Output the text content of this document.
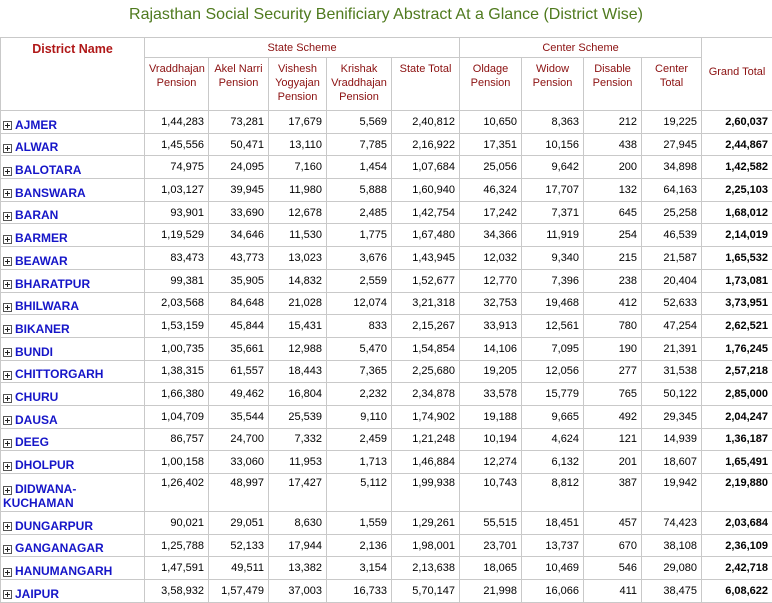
Rajasthan Social Security Benificiary Abstract At a Glance (District Wise)
District Name	State Scheme					Center Scheme				Grand Total
	Vraddhajan Pension	Akel Narri Pension	Vishesh Yogyajan Pension	Krishak Vraddhajan Pension	State Total	Oldage Pension	Widow Pension	Disable Pension	Center Total	
AJMER	1,44,283	73,281	17,679	5,569	2,40,812	10,650	8,363	212	19,225	2,60,037
ALWAR	1,45,556	50,471	13,110	7,785	2,16,922	17,351	10,156	438	27,945	2,44,867
BALOTARA	74,975	24,095	7,160	1,454	1,07,684	25,056	9,642	200	34,898	1,42,582
BANSWARA	1,03,127	39,945	11,980	5,888	1,60,940	46,324	17,707	132	64,163	2,25,103
BARAN	93,901	33,690	12,678	2,485	1,42,754	17,242	7,371	645	25,258	1,68,012
BARMER	1,19,529	34,646	11,530	1,775	1,67,480	34,366	11,919	254	46,539	2,14,019
BEAWAR	83,473	43,773	13,023	3,676	1,43,945	12,032	9,340	215	21,587	1,65,532
BHARATPUR	99,381	35,905	14,832	2,559	1,52,677	12,770	7,396	238	20,404	1,73,081
BHILWARA	2,03,568	84,648	21,028	12,074	3,21,318	32,753	19,468	412	52,633	3,73,951
BIKANER	1,53,159	45,844	15,431	833	2,15,267	33,913	12,561	780	47,254	2,62,521
BUNDI	1,00,735	35,661	12,988	5,470	1,54,854	14,106	7,095	190	21,391	1,76,245
CHITTORGARH	1,38,315	61,557	18,443	7,365	2,25,680	19,205	12,056	277	31,538	2,57,218
CHURU	1,66,380	49,462	16,804	2,232	2,34,878	33,578	15,779	765	50,122	2,85,000
DAUSA	1,04,709	35,544	25,539	9,110	1,74,902	19,188	9,665	492	29,345	2,04,247
DEEG	86,757	24,700	7,332	2,459	1,21,248	10,194	4,624	121	14,939	1,36,187
DHOLPUR	1,00,158	33,060	11,953	1,713	1,46,884	12,274	6,132	201	18,607	1,65,491
DIDWANA-KUCHAMAN	1,26,402	48,997	17,427	5,112	1,99,938	10,743	8,812	387	19,942	2,19,880
DUNGARPUR	90,021	29,051	8,630	1,559	1,29,261	55,515	18,451	457	74,423	2,03,684
GANGANAGAR	1,25,788	52,133	17,944	2,136	1,98,001	23,701	13,737	670	38,108	2,36,109
HANUMANGARH	1,47,591	49,511	13,382	3,154	2,13,638	18,065	10,469	546	29,080	2,42,718
JAIPUR	3,58,932	1,57,479	37,003	16,733	5,70,147	21,998	16,066	411	38,475	6,08,622
